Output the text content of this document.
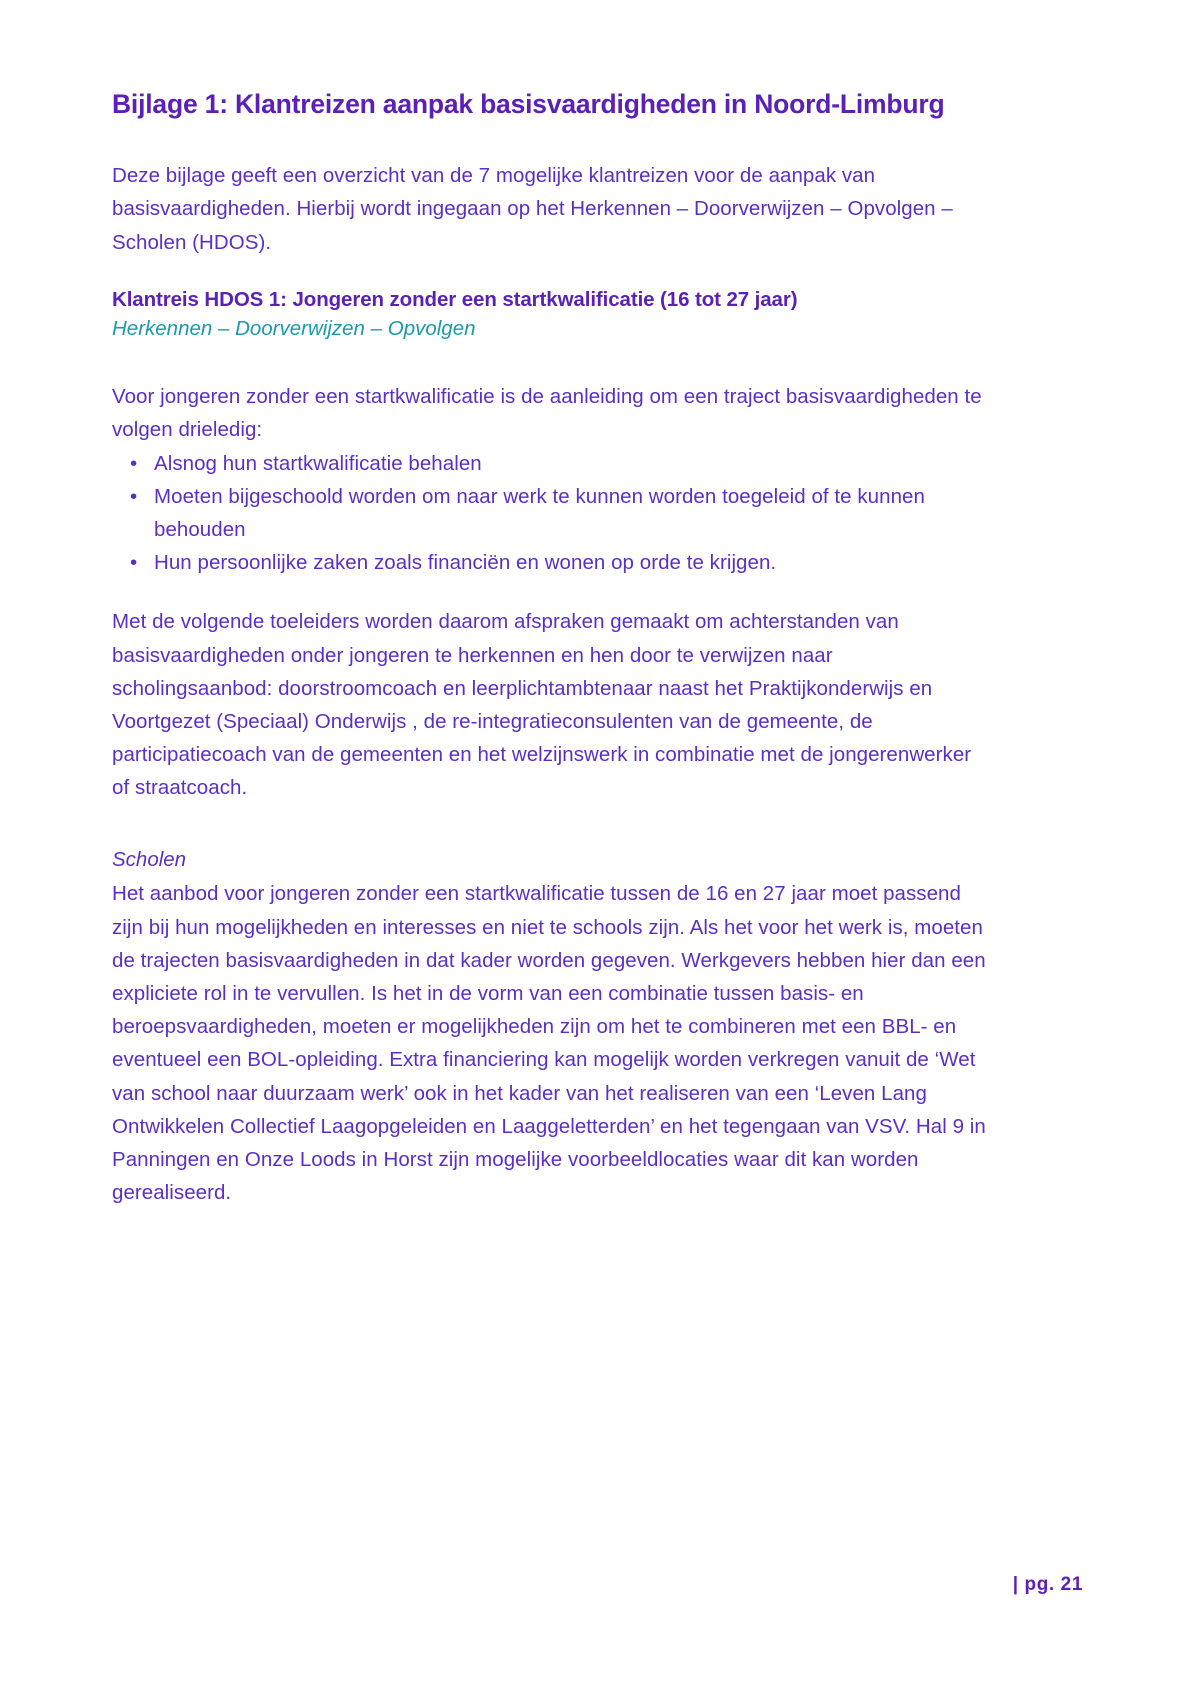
Bijlage 1: Klantreizen aanpak basisvaardigheden in Noord-Limburg

Deze bijlage geeft een overzicht van de 7 mogelijke klantreizen voor de aanpak van basisvaardigheden. Hierbij wordt ingegaan op het Herkennen – Doorverwijzen – Opvolgen – Scholen (HDOS).

Klantreis HDOS 1: Jongeren zonder een startkwalificatie (16 tot 27 jaar)
Herkennen – Doorverwijzen – Opvolgen

Voor jongeren zonder een startkwalificatie is de aanleiding om een traject basisvaardigheden te volgen drieledig:

• Alsnog hun startkwalificatie behalen
• Moeten bijgeschoold worden om naar werk te kunnen worden toegeleid of te kunnen behouden
• Hun persoonlijke zaken zoals financiën en wonen op orde te krijgen.

Met de volgende toeleiders worden daarom afspraken gemaakt om achterstanden van basisvaardigheden onder jongeren te herkennen en hen door te verwijzen naar scholingsaanbod: doorstroomcoach en leerplichtambtenaar naast het Praktijkonderwijs en Voortgezet (Speciaal) Onderwijs , de re-integratieconsulenten van de gemeente, de participatiecoach van de gemeenten en het welzijnswerk in combinatie met de jongerenwerker of straatcoach.

Scholen

Het aanbod voor jongeren zonder een startkwalificatie tussen de 16 en 27 jaar moet passend zijn bij hun mogelijkheden en interesses en niet te schools zijn. Als het voor het werk is, moeten de trajecten basisvaardigheden in dat kader worden gegeven. Werkgevers hebben hier dan een expliciete rol in te vervullen. Is het in de vorm van een combinatie tussen basis- en beroepsvaardigheden, moeten er mogelijkheden zijn om het te combineren met een BBL- en eventueel een BOL-opleiding. Extra financiering kan mogelijk worden verkregen vanuit de ‘Wet van school naar duurzaam werk’ ook in het kader van het realiseren van een ‘Leven Lang Ontwikkelen Collectief Laagopgeleiden en Laaggeletterden’ en het tegengaan van VSV. Hal 9 in Panningen en Onze Loods in Horst zijn mogelijke voorbeeldlocaties waar dit kan worden gerealiseerd.

| pg. 21
